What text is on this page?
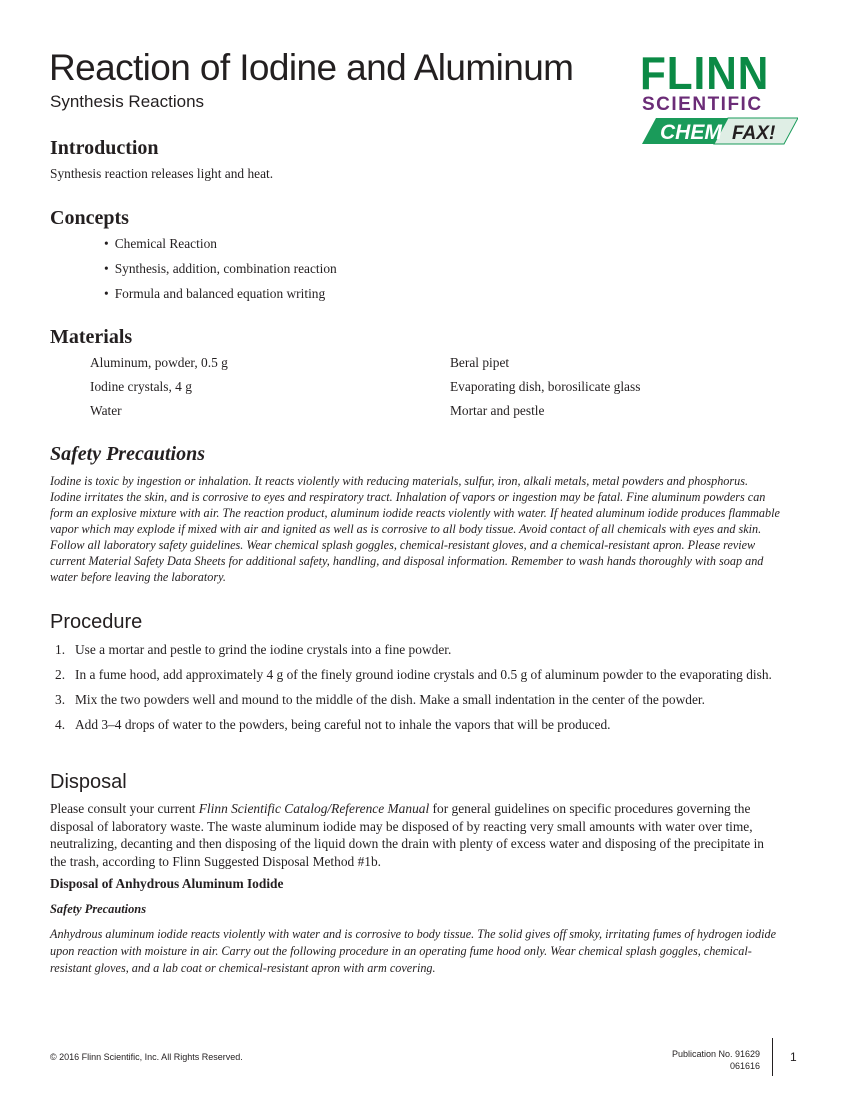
Reaction of Iodine and Aluminum
Synthesis Reactions
FLINN
SCIENTIFIC
CHEM FAX!
Introduction
Synthesis reaction releases light and heat.
Concepts
• Chemical Reaction
• Synthesis, addition, combination reaction
• Formula and balanced equation writing
Materials
Aluminum, powder, 0.5 g
Iodine crystals, 4 g
Water
Beral pipet
Evaporating dish, borosilicate glass
Mortar and pestle
Safety Precautions
Iodine is toxic by ingestion or inhalation. It reacts violently with reducing materials, sulfur, iron, alkali metals, metal powders and phosphorus. Iodine irritates the skin, and is corrosive to eyes and respiratory tract. Inhalation of vapors or ingestion may be fatal. Fine aluminum powders can form an explosive mixture with air. The reaction product, aluminum iodide reacts violently with water. If heated aluminum iodide produces flammable vapor which may explode if mixed with air and ignited as well as is corrosive to all body tissue. Avoid contact of all chemicals with eyes and skin. Follow all laboratory safety guidelines. Wear chemical splash goggles, chemical-resistant gloves, and a chemical-resistant apron. Please review current Material Safety Data Sheets for additional safety, handling, and disposal information. Remember to wash hands thoroughly with soap and water before leaving the laboratory.
Procedure
1. Use a mortar and pestle to grind the iodine crystals into a fine powder.
2. In a fume hood, add approximately 4 g of the finely ground iodine crystals and 0.5 g of aluminum powder to the evaporating dish.
3. Mix the two powders well and mound to the middle of the dish. Make a small indentation in the center of the powder.
4. Add 3–4 drops of water to the powders, being careful not to inhale the vapors that will be produced.
Disposal
Please consult your current Flinn Scientific Catalog/Reference Manual for general guidelines on specific procedures governing the disposal of laboratory waste. The waste aluminum iodide may be disposed of by reacting very small amounts with water over time, neutralizing, decanting and then disposing of the liquid down the drain with plenty of excess water and disposing of the precipitate in the trash, according to Flinn Suggested Disposal Method #1b.
Disposal of Anhydrous Aluminum Iodide
Safety Precautions
Anhydrous aluminum iodide reacts violently with water and is corrosive to body tissue. The solid gives off smoky, irritating fumes of hydrogen iodide upon reaction with moisture in air. Carry out the following procedure in an operating fume hood only. Wear chemical splash goggles, chemical-resistant gloves, and a lab coat or chemical-resistant apron with arm covering.
© 2016 Flinn Scientific, Inc. All Rights Reserved.	Publication No. 91629
061616
1
